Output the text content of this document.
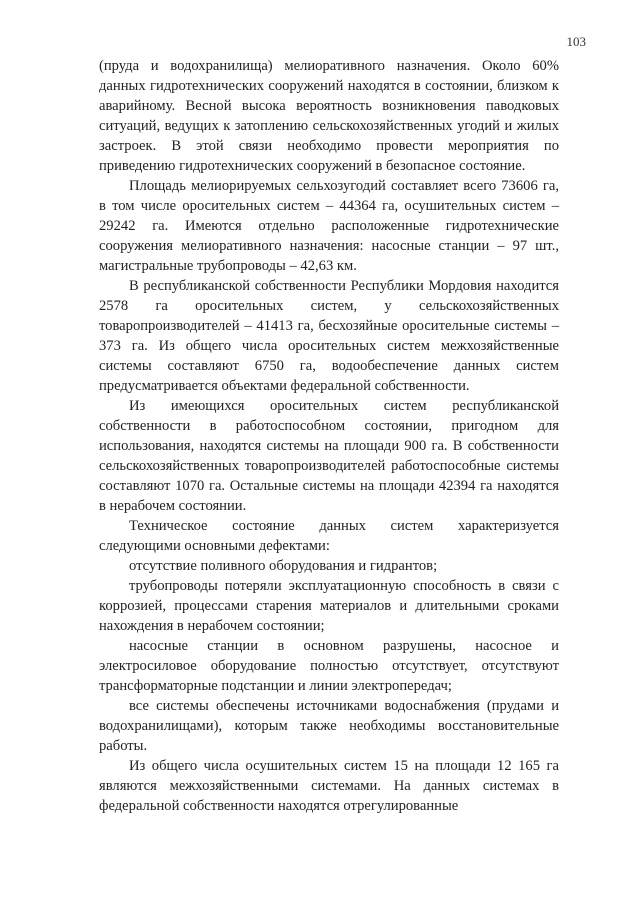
103

(пруда и водохранилища) мелиоративного назначения. Около 60% данных гидротехнических сооружений находятся в состоянии, близком к аварийному. Весной высока вероятность возникновения паводковых ситуаций, ведущих к затоплению сельскохозяйственных угодий и жилых застроек. В этой связи необходимо провести мероприятия по приведению гидротехнических сооружений в безопасное состояние.

Площадь мелиорируемых сельхозугодий составляет всего 73606 га, в том числе оросительных систем – 44364 га, осушительных систем – 29242 га. Имеются отдельно расположенные гидротехнические сооружения мелиоративного назначения: насосные станции – 97 шт., магистральные трубопроводы – 42,63 км.

В республиканской собственности Республики Мордовия находится 2578 га оросительных систем, у сельскохозяйственных товаропроизводителей – 41413 га, бесхозяйные оросительные системы – 373 га. Из общего числа оросительных систем межхозяйственные системы составляют 6750 га, водообеспечение данных систем предусматривается объектами федеральной собственности.

Из имеющихся оросительных систем республиканской собственности в работоспособном состоянии, пригодном для использования, находятся системы на площади 900 га. В собственности сельскохозяйственных товаропроизводителей работоспособные системы составляют 1070 га. Остальные системы на площади 42394 га находятся в нерабочем состоянии.

Техническое состояние данных систем характеризуется следующими основными дефектами:

отсутствие поливного оборудования и гидрантов;

трубопроводы потеряли эксплуатационную способность в связи с коррозией, процессами старения материалов и длительными сроками нахождения в нерабочем состоянии;

насосные станции в основном разрушены, насосное и электросиловое оборудование полностью отсутствует, отсутствуют трансформаторные подстанции и линии электропередач;

все системы обеспечены источниками водоснабжения (прудами и водохранилищами), которым также необходимы восстановительные работы.

Из общего числа осушительных систем 15 на площади 12 165 га являются межхозяйственными системами. На данных системах в федеральной собственности находятся отрегулированные
